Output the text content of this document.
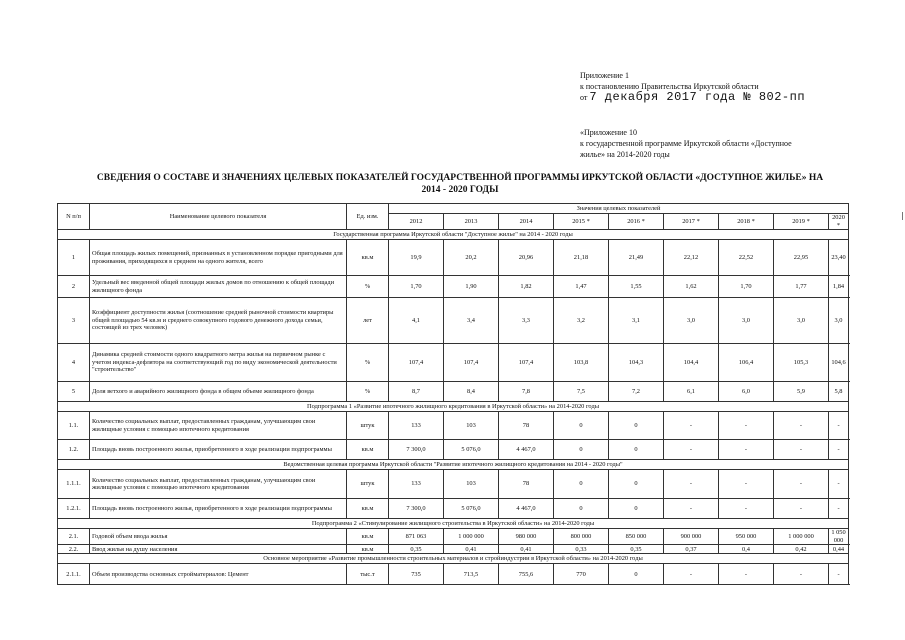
Приложение 1
к постановлению Правительства Иркутской области
от 7 декабря 2017 года № 802-пп
«Приложение 10
к государственной программе Иркутской области «Доступное
жилье» на 2014-2020 годы
СВЕДЕНИЯ О СОСТАВЕ И ЗНАЧЕНИЯХ ЦЕЛЕВЫХ ПОКАЗАТЕЛЕЙ ГОСУДАРСТВЕННОЙ ПРОГРАММЫ ИРКУТСКОЙ ОБЛАСТИ «ДОСТУПНОЕ ЖИЛЬЕ» НА
2014 - 2020 ГОДЫ
N п/п	Наименование целевого показателя	Ед. изм.	Значения целевых показателей								
			2012	2013	2014	2015 *	2016 *	2017 *	2018 *	2019 *	2020 *
Государственная программа Иркутской области "Доступное жилье" на 2014 - 2020 годы											
1	Общая площадь жилых помещений, признанных в установленном порядке пригодными для проживания, приходящихся в среднем на одного жителя, всего	кв.м	19,9	20,2	20,96	21,18	21,49	22,12	22,52	22,95	23,40
2	Удельный вес введенной общей площади жилых домов по отношению к общей площади жилищного фонда	%	1,70	1,90	1,82	1,47	1,55	1,62	1,70	1,77	1,84
3	Коэффициент доступности жилья (соотношение средней рыночной стоимости квартиры общей площадью 54 кв.м и среднего совокупного годового денежного дохода семьи, состоящей из трех человек)	лет	4,1	3,4	3,3	3,2	3,1	3,0	3,0	3,0	3,0
4	Динамика средней стоимости одного квадратного метра жилья на первичном рынке с учетом индекса-дефлятора на соответствующий год по виду экономической деятельности "строительство"	%	107,4	107,4	107,4	103,8	104,3	104,4	106,4	105,3	104,6
5	Доля ветхого и аварийного жилищного фонда в общем объеме жилищного фонда	%	8,7	8,4	7,8	7,5	7,2	6,1	6,0	5,9	5,8
Подпрограмма 1 «Развитие ипотечного жилищного кредитования в Иркутской области» на 2014-2020 годы											
1.1.	Количество социальных выплат, предоставленных гражданам, улучшающим свои жилищные условия с помощью ипотечного кредитования	штук	133	103	78	0	0	-	-	-	-
1.2.	Площадь вновь построенного жилья, приобретенного в ходе реализации подпрограммы	кв.м	7 300,0	5 076,0	4 467,0	0	0	-	-	-	-
Ведомственная целевая программа Иркутской области "Развитие ипотечного жилищного кредитования на 2014 - 2020 годы"											
1.1.1.	Количество социальных выплат, предоставленных гражданам, улучшающим свои жилищные условия с помощью ипотечного кредитования	штук	133	103	78	0	0	-	-	-	-
1.2.1.	Площадь вновь построенного жилья, приобретенного в ходе реализации подпрограммы	кв.м	7 300,0	5 076,0	4 467,0	0	0	-	-	-	-
Подпрограмма 2 «Стимулирование жилищного строительства в Иркутской области» на 2014-2020 годы											
2.1.	Годовой объем ввода жилья	кв.м	871 063	1 000 000	980 000	800 000	850 000	900 000	950 000	1 000 000	1 050 000
2.2.	Ввод жилья на душу населения	кв.м	0,35	0,41	0,41	0,33	0,35	0,37	0,4	0,42	0,44
Основное мероприятие «Развитие промышленности строительных материалов и стройиндустрии в Иркутской области» на 2014-2020 годы											
2.1.1.	Объем производства основных стройматериалов: Цемент	тыс.т	735	713,5	755,6	770	0	-	-	-	-
